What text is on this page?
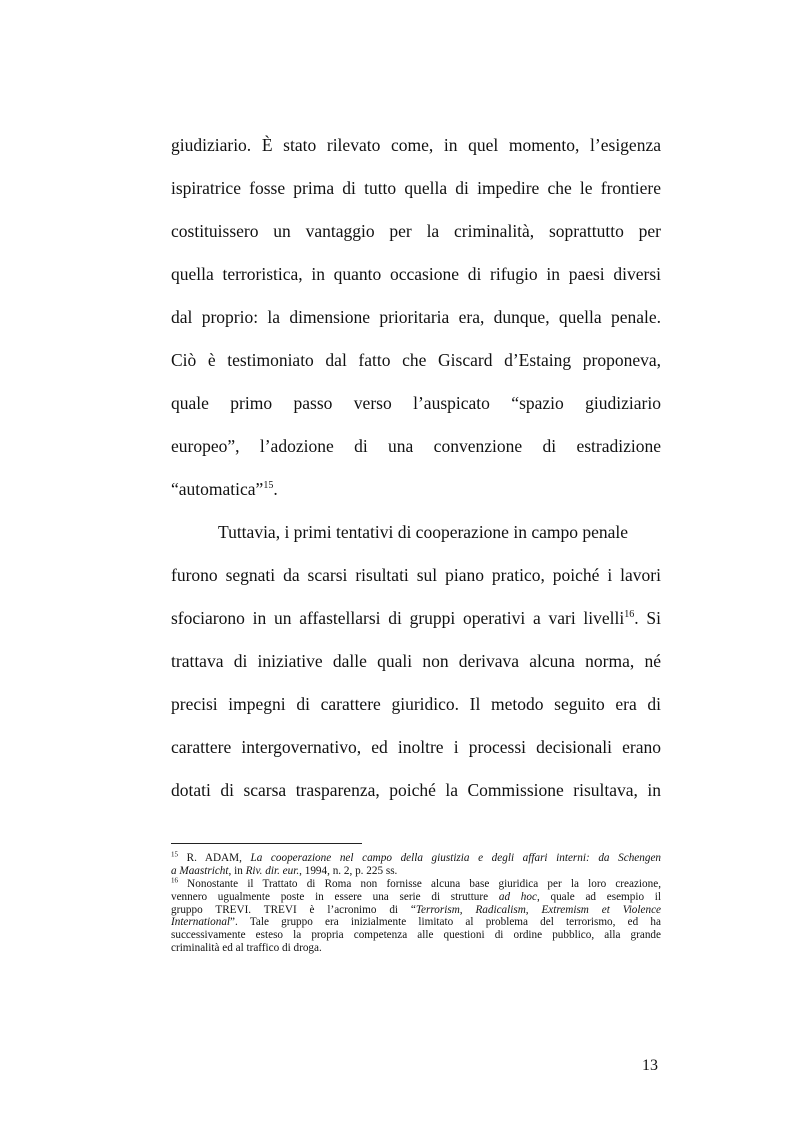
giudiziario. È stato rilevato come, in quel momento, l’esigenza
ispiratrice fosse prima di tutto quella di impedire che le frontiere
costituissero un vantaggio per la criminalità, soprattutto per
quella terroristica, in quanto occasione di rifugio in paesi diversi
dal proprio: la dimensione prioritaria era, dunque, quella penale.
Ciò è testimoniato dal fatto che Giscard d’Estaing proponeva,
quale primo passo verso l’auspicato “spazio giudiziario
europeo”, l’adozione di una convenzione di estradizione
“automatica”$^{15}$.
Tuttavia, i primi tentativi di cooperazione in campo penale
furono segnati da scarsi risultati sul piano pratico, poiché i lavori
sfociarono in un affastellarsi di gruppi operativi a vari livelli$^{16}$. Si
trattava di iniziative dalle quali non derivava alcuna norma, né
precisi impegni di carattere giuridico. Il metodo seguito era di
carattere intergovernativo, ed inoltre i processi decisionali erano
dotati di scarsa trasparenza, poiché la Commissione risultava, in
$^{15}$ R. ADAM, La cooperazione nel campo della giustizia e degli affari interni: da Schengen
a Maastricht, in Riv. dir. eur., 1994, n. 2, p. 225 ss.
$^{16}$ Nonostante il Trattato di Roma non fornisse alcuna base giuridica per la loro creazione,
vennero ugualmente poste in essere una serie di strutture ad hoc, quale ad esempio il
gruppo TREVI. TREVI è l’acronimo di “Terrorism, Radicalism, Extremism et Violence
International”. Tale gruppo era inizialmente limitato al problema del terrorismo, ed ha
successivamente esteso la propria competenza alle questioni di ordine pubblico, alla grande
criminalità ed al traffico di droga.
13
